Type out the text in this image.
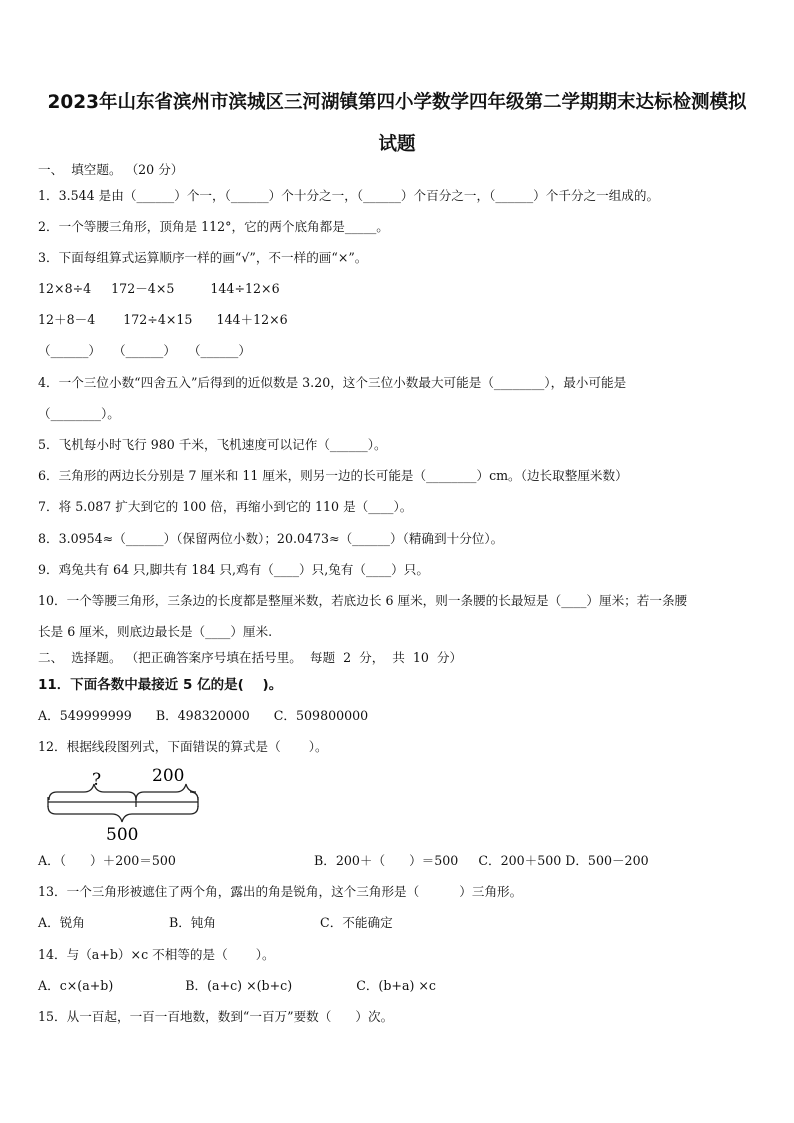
2023年山东省滨州市滨城区三河湖镇第四小学数学四年级第二学期期末达标检测模拟
试题
一、  填空题。 （20 分）
1．3.544 是由（______）个一，（______）个十分之一，（______）个百分之一，（______）个千分之一组成的。
2．一个等腰三角形，顶角是 112°，它的两个底角都是_____。
3．下面每组算式运算顺序一样的画“√”，不一样的画“×”。
12×8÷4     172－4×5         144÷12×6
12＋8－4       172÷4×15      144＋12×6
（______）   （______）   （______）
4．一个三位小数“四舍五入”后得到的近似数是 3.20，这个三位小数最大可能是（________），最小可能是
（________）。
5．飞机每小时飞行 980 千米，飞机速度可以记作（______）。
6．三角形的两边长分别是 7 厘米和 11 厘米，则另一边的长可能是（________）cm。（边长取整厘米数）
7．将 5.087 扩大到它的 100 倍，再缩小到它的 110 是（____）。
8．3.0954≈（______）（保留两位小数）；20.0473≈（______）（精确到十分位）。
9．鸡兔共有 64 只,脚共有 184 只,鸡有（____）只,兔有（____）只。
10．一个等腰三角形，三条边的长度都是整厘米数，若底边长 6 厘米，则一条腰的长最短是（____）厘米；若一条腰
长是 6 厘米，则底边最长是（____）厘米.
二、  选择题。 （把正确答案序号填在括号里。  每题  2  分，  共  10  分）
11．下面各数中最接近 5 亿的是(    )。
A．549999999      B．498320000      C．509800000
12．根据线段图列式，下面错误的算式是（       ）。
?	200
500
A．（      ）＋200＝500	B．200＋（      ）＝500     C．200＋500 D．500－200
13．一个三角形被遮住了两个角，露出的角是锐角，这个三角形是（          ）三角形。
A．锐角                     B．钝角                          C．不能确定
14．与（a+b）×c 不相等的是（       ）。
A．c×(a+b)                  B．(a+c) ×(b+c)                C．(b+a) ×c
15．从一百起，一百一百地数，数到“一百万”要数（      ）次。
